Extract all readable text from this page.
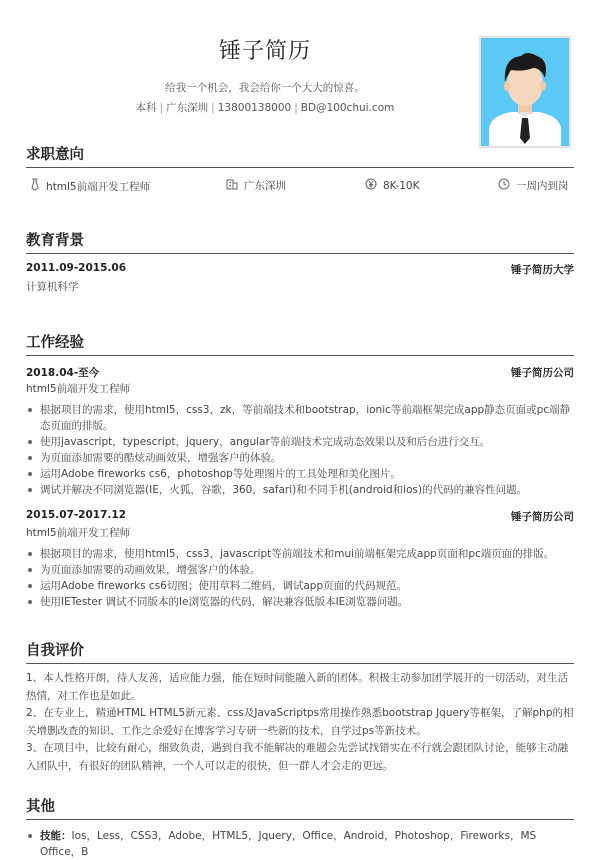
锤子简历
给我一个机会，我会给你一个大大的惊喜。
本科 | 广东深圳 | 13800138000 | BD@100chui.com
求职意向
html5前端开发工程师	广东深圳	8K-10K	一周内到岗
教育背景
2011.09-2015.06	锤子简历大学
计算机科学
工作经验
2018.04-至今	锤子简历公司
html5前端开发工程师
根据项目的需求，使用html5，css3，zk，等前端技术和bootstrap，ionic等前端框架完成app静态页面或pc端静态页面的排版。
使用javascript，typescript，jquery，angular等前端技术完成动态效果以及和后台进行交互。
为页面添加需要的酷炫动画效果，增强客户的体验。
运用Adobe fireworks cs6，photoshop等处理图片的工具处理和美化图片。
调试并解决不同浏览器(IE，火狐，谷歌，360，safari)和不同手机(android和ios)的代码的兼容性问题。
2015.07-2017.12	锤子简历公司
html5前端开发工程师
根据项目的需求，使用html5，css3，javascript等前端技术和mui前端框架完成app页面和pc端页面的排版。
为页面添加需要的动画效果，增强客户的体验。
运用Adobe fireworks cs6切图；使用草料二维码，调试app页面的代码规范。
使用IETester 调试不同版本的Ie浏览器的代码，解决兼容低版本IE浏览器问题。
自我评价
1、本人性格开朗，待人友善，适应能力强，能在短时间能融入新的团体。积极主动参加团学展开的一切活动，对生活热情，对工作也是如此。
2、在专业上，精通HTML HTML5新元素、css及JavaScriptps常用操作熟悉bootstrap Jquery等框架，了解php的相关增删改查的知识、工作之余爱好在博客学习专研一些新的技术，自学过ps等新技术。
3、在项目中，比较有耐心，细致负责，遇到自我不能解决的难题会先尝试找错实在不行就会跟团队讨论，能够主动融入团队中，有很好的团队精神，一个人可以走的很快，但一群人才会走的更远。
其他
技能：Ios，Less，CSS3，Adobe，HTML5，Jquery，Office，Android，Photoshop，Fireworks，MS Office，B
